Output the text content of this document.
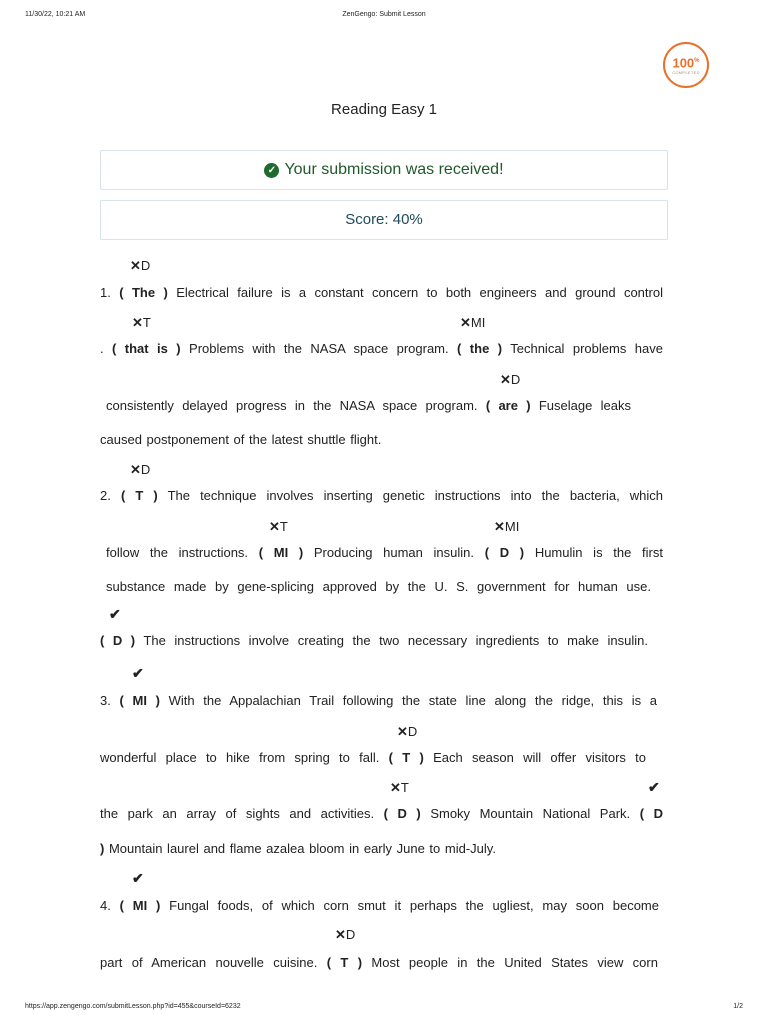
11/30/22, 10:21 AM	ZenGengo: Submit Lesson
100%
COMPLETED
Reading Easy 1
✓ Your submission was received!
Score: 40%
✕D
1. ( The ) Electrical failure is a constant concern to both engineers and ground control
✕T	✕MI
. ( that is ) Problems with the NASA space program. ( the ) Technical problems have
✕D
consistently delayed progress in the NASA space program. ( are ) Fuselage leaks
caused postponement of the latest shuttle flight.
✕D
2. ( T ) The technique involves inserting genetic instructions into the bacteria, which
✕T	✕MI
follow the instructions. ( MI ) Producing human insulin. ( D ) Humulin is the first
substance made by gene-splicing approved by the U. S. government for human use.
✔
( D ) The instructions involve creating the two necessary ingredients to make insulin.
✔
3. ( MI ) With the Appalachian Trail following the state line along the ridge, this is a
✕D
wonderful place to hike from spring to fall. ( T ) Each season will offer visitors to
✕T	✔
the park an array of sights and activities. ( D ) Smoky Mountain National Park. ( D
) Mountain laurel and flame azalea bloom in early June to mid-July.
✔
4. ( MI ) Fungal foods, of which corn smut it perhaps the ugliest, may soon become
✕D
part of American nouvelle cuisine. ( T ) Most people in the United States view corn
https://app.zengengo.com/submitLesson.php?id=455&courseId=6232	1/2
